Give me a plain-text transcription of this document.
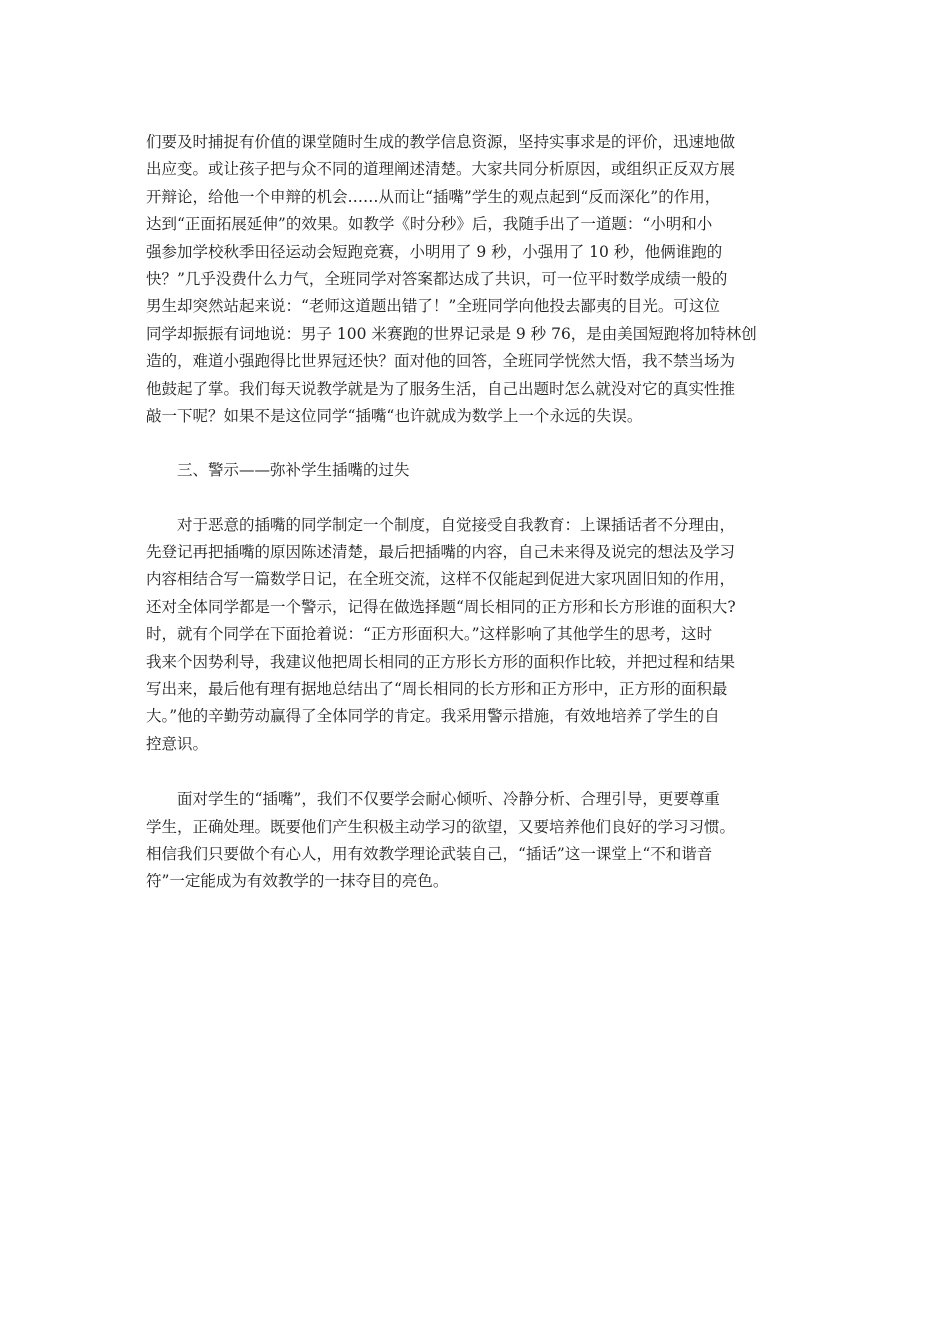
们要及时捕捉有价值的课堂随时生成的教学信息资源，坚持实事求是的评价，迅速地做
出应变。或让孩子把与众不同的道理阐述清楚。大家共同分析原因，或组织正反双方展
开辩论，给他一个申辩的机会……从而让“插嘴”学生的观点起到“反而深化”的作用，
达到“正面拓展延伸”的效果。如教学《时分秒》后，我随手出了一道题：“小明和小
强参加学校秋季田径运动会短跑竞赛，小明用了 9 秒，小强用了 10 秒，他俩谁跑的
快？”几乎没费什么力气，全班同学对答案都达成了共识，可一位平时数学成绩一般的
男生却突然站起来说：“老师这道题出错了！”全班同学向他投去鄙夷的目光。可这位
同学却振振有词地说：男子 100 米赛跑的世界记录是 9 秒 76，是由美国短跑将加特林创
造的，难道小强跑得比世界冠还快？面对他的回答，全班同学恍然大悟，我不禁当场为
他鼓起了掌。我们每天说教学就是为了服务生活，自己出题时怎么就没对它的真实性推
敲一下呢？如果不是这位同学“插嘴“也许就成为数学上一个永远的失误。
三、警示——弥补学生插嘴的过失
对于恶意的插嘴的同学制定一个制度，自觉接受自我教育：上课插话者不分理由，
先登记再把插嘴的原因陈述清楚，最后把插嘴的内容，自己未来得及说完的想法及学习
内容相结合写一篇数学日记，在全班交流，这样不仅能起到促进大家巩固旧知的作用，
还对全体同学都是一个警示，记得在做选择题“周长相同的正方形和长方形谁的面积大?
时，就有个同学在下面抢着说：“正方形面积大。”这样影响了其他学生的思考，这时
我来个因势利导，我建议他把周长相同的正方形长方形的面积作比较，并把过程和结果
写出来，最后他有理有据地总结出了“周长相同的长方形和正方形中，正方形的面积最
大。”他的辛勤劳动赢得了全体同学的肯定。我采用警示措施，有效地培养了学生的自
控意识。
面对学生的“插嘴”，我们不仅要学会耐心倾听、冷静分析、合理引导，更要尊重
学生，正确处理。既要他们产生积极主动学习的欲望，又要培养他们良好的学习习惯。
相信我们只要做个有心人，用有效教学理论武装自己，“插话”这一课堂上“不和谐音
符”一定能成为有效教学的一抹夺目的亮色。
